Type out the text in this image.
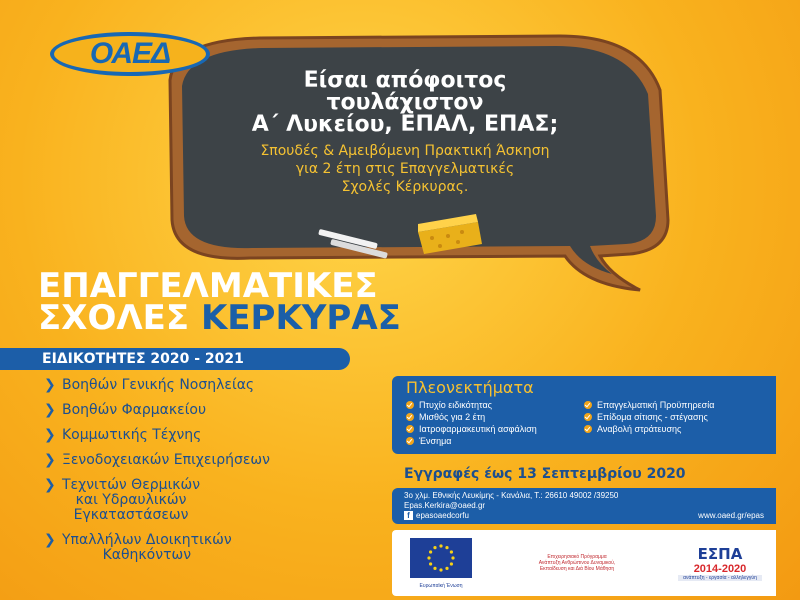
ΟΑΕΔ
Είσαι απόφοιτος
τουλάχιστον
Α΄ Λυκείου, ΕΠΑΛ, ΕΠΑΣ;
Σπουδές & Αμειβόμενη Πρακτική Άσκηση
για 2 έτη στις Επαγγελματικές
Σχολές Κέρκυρας.
ΕΠΑΓΓΕΛΜΑΤΙΚΕΣ
ΣΧΟΛΕΣ ΚΕΡΚΥΡΑΣ
ΕΙΔΙΚΟΤΗΤΕΣ 2020 - 2021
❯ Βοηθών Γενικής Νοσηλείας
❯ Βοηθών Φαρμακείου
❯ Κομμωτικής Τέχνης
❯ Ξενοδοχειακών Επιχειρήσεων
❯ Τεχνιτών Θερμικών
και Υδραυλικών
Εγκαταστάσεων
❯ Υπαλλήλων Διοικητικών
Καθηκόντων
Πλεονεκτήματα
Πτυχίο ειδικότητας
Μισθός για 2 έτη
Ιατροφαρμακευτική ασφάλιση
Ένσημα
Επαγγελματική Προϋπηρεσία
Επίδομα σίτισης - στέγασης
Αναβολή στράτευσης
Εγγραφές έως 13 Σεπτεμβρίου 2020
3ο χλμ. Εθνικής Λευκίμης - Κανάλια, Τ.: 26610 49002 /39250
Epas.Kerkira@oaed.gr
f epasoaedcorfu	www.oaed.gr/epas
Ευρωπαϊκή Ένωση
Επιχειρησιακό Πρόγραμμα
Ανάπτυξη Ανθρώπινου Δυναμικού,
Εκπαίδευση και Διά Βίου Μάθηση
ΕΣΠΑ
2014-2020
ανάπτυξη - εργασία - αλληλεγγύη
